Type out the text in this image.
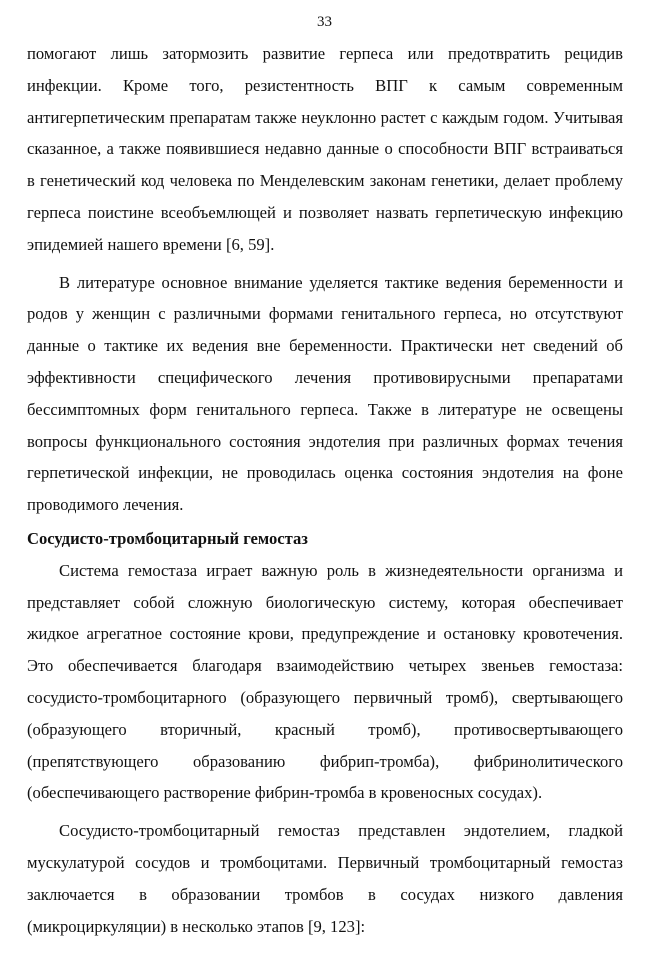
33

помогают лишь затормозить развитие герпеса или предотвратить рецидив инфекции. Кроме того, резистентность ВПГ к самым современным антигерпетическим препаратам также неуклонно растет с каждым годом. Учитывая сказанное, а также появившиеся недавно данные о способности ВПГ встраиваться в генетический код человека по Менделевским законам генетики, делает проблему герпеса поистине всеобъемлющей и позволяет назвать герпетическую инфекцию эпидемией нашего времени [6, 59].

В литературе основное внимание уделяется тактике ведения беременности и родов у женщин с различными формами генитального герпеса, но отсутствуют данные о тактике их ведения вне беременности. Практически нет сведений об эффективности специфического лечения противовирусными препаратами бессимптомных форм генитального герпеса. Также в литературе не освещены вопросы функционального состояния эндотелия при различных формах течения герпетической инфекции, не проводилась оценка состояния эндотелия на фоне проводимого лечения.

Сосудисто-тромбоцитарный гемостаз

Система гемостаза играет важную роль в жизнедеятельности организма и представляет собой сложную биологическую систему, которая обеспечивает жидкое агрегатное состояние крови, предупреждение и остановку кровотечения. Это обеспечивается благодаря взаимодействию четырех звеньев гемостаза: сосудисто-тромбоцитарного (образующего первичный тромб), свертывающего (образующего вторичный, красный тромб), противосвертывающего (препятствующего образованию фибрип-тромба), фибринолитического (обеспечивающего растворение фибрин-тромба в кровеносных сосудах).

Сосудисто-тромбоцитарный гемостаз представлен эндотелием, гладкой мускулатурой сосудов и тромбоцитами. Первичный тромбоцитарный гемостаз заключается в образовании тромбов в сосудах низкого давления (микроциркуляции) в несколько этапов [9, 123]:
